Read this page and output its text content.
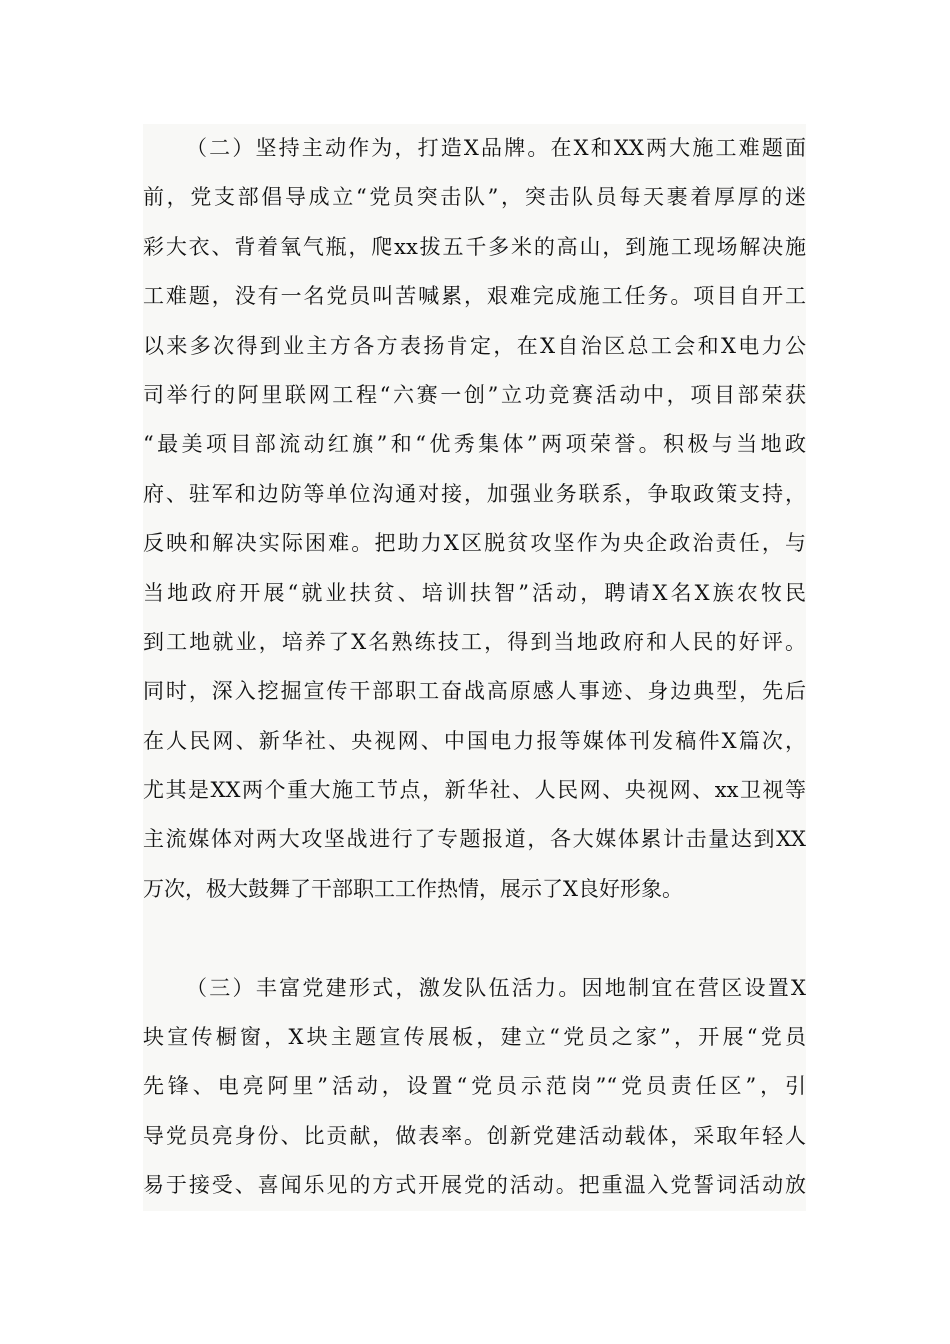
（二）坚持主动作为，打造X品牌。在X和XX两大施工难题面
前，党支部倡导成立“党员突击队”，突击队员每天裹着厚厚的迷
彩大衣、背着氧气瓶，爬xx拔五千多米的高山，到施工现场解决施
工难题，没有一名党员叫苦喊累，艰难完成施工任务。项目自开工
以来多次得到业主方各方表扬肯定，在X自治区总工会和X电力公
司举行的阿里联网工程“六赛一创”立功竞赛活动中，项目部荣获
“最美项目部流动红旗”和“优秀集体”两项荣誉。积极与当地政
府、驻军和边防等单位沟通对接，加强业务联系，争取政策支持，
反映和解决实际困难。把助力X区脱贫攻坚作为央企政治责任，与
当地政府开展“就业扶贫、培训扶智”活动，聘请X名X族农牧民
到工地就业，培养了X名熟练技工，得到当地政府和人民的好评。
同时，深入挖掘宣传干部职工奋战高原感人事迹、身边典型，先后
在人民网、新华社、央视网、中国电力报等媒体刊发稿件X篇次，
尤其是XX两个重大施工节点，新华社、人民网、央视网、xx卫视等
主流媒体对两大攻坚战进行了专题报道，各大媒体累计击量达到XX
万次，极大鼓舞了干部职工工作热情，展示了X良好形象。
（三）丰富党建形式，激发队伍活力。因地制宜在营区设置X
块宣传橱窗，X块主题宣传展板，建立“党员之家”，开展“党员
先锋、电亮阿里”活动，设置“党员示范岗”“党员责任区”，引
导党员亮身份、比贡献，做表率。创新党建活动载体，采取年轻人
易于接受、喜闻乐见的方式开展党的活动。把重温入党誓词活动放
